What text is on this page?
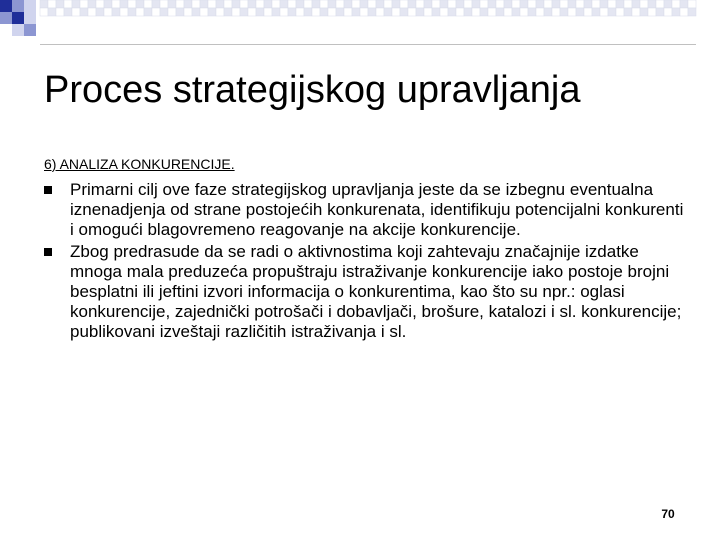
Proces strategijskog upravljanja
6) ANALIZA KONKURENCIJE.
Primarni cilj ove faze strategijskog upravljanja jeste da se izbegnu eventualna iznenadjenja od strane postojećih konkurenata, identifikuju potencijalni konkurenti i omogući blagovremeno reagovanje na akcije konkurencije.
Zbog predrasude da se radi o aktivnostima koji zahtevaju značajnije izdatke mnoga mala preduzeća propuštraju istraživanje konkurencije iako postoje brojni besplatni ili jeftini izvori informacija o konkurentima, kao što su npr.: oglasi konkurencije, zajednički potrošači i dobavljači, brošure, katalozi i sl. konkurencije; publikovani izveštaji različitih istraživanja i sl.
70
